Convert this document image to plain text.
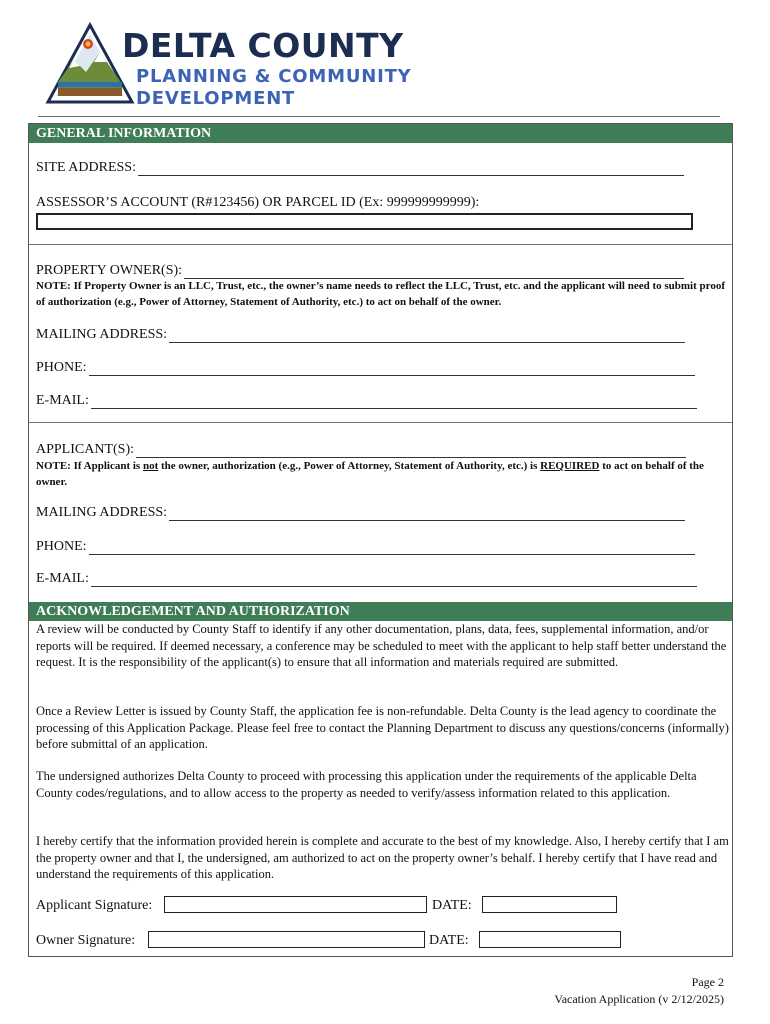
DELTA COUNTY
PLANNING & COMMUNITY
DEVELOPMENT
GENERAL INFORMATION
SITE ADDRESS:
ASSESSOR’S ACCOUNT (R#123456) OR PARCEL ID (Ex: 999999999999):
PROPERTY OWNER(S):
NOTE: If Property Owner is an LLC, Trust, etc., the owner’s name needs to reflect the LLC, Trust, etc. and the applicant will need to submit proof of authorization (e.g., Power of Attorney, Statement of Authority, etc.) to act on behalf of the owner.
MAILING ADDRESS:
PHONE:
E-MAIL:
APPLICANT(S):
NOTE: If Applicant is not the owner, authorization (e.g., Power of Attorney, Statement of Authority, etc.) is REQUIRED to act on behalf of the owner.
MAILING ADDRESS:
PHONE:
E-MAIL:
ACKNOWLEDGEMENT AND AUTHORIZATION
A review will be conducted by County Staff to identify if any other documentation, plans, data, fees, supplemental information, and/or reports will be required. If deemed necessary, a conference may be scheduled to meet with the applicant to help staff better understand the request. It is the responsibility of the applicant(s) to ensure that all information and materials required are submitted.
Once a Review Letter is issued by County Staff, the application fee is non-refundable. Delta County is the lead agency to coordinate the processing of this Application Package. Please feel free to contact the Planning Department to discuss any questions/concerns (informally) before submittal of an application.
The undersigned authorizes Delta County to proceed with processing this application under the requirements of the applicable Delta County codes/regulations, and to allow access to the property as needed to verify/assess information related to this application.
I hereby certify that the information provided herein is complete and accurate to the best of my knowledge. Also, I hereby certify that I am the property owner and that I, the undersigned, am authorized to act on the property owner’s behalf. I hereby certify that I have read and understand the requirements of this application.
Applicant Signature:	DATE:
Owner Signature:	DATE:
Page 2
Vacation Application (v 2/12/2025)
